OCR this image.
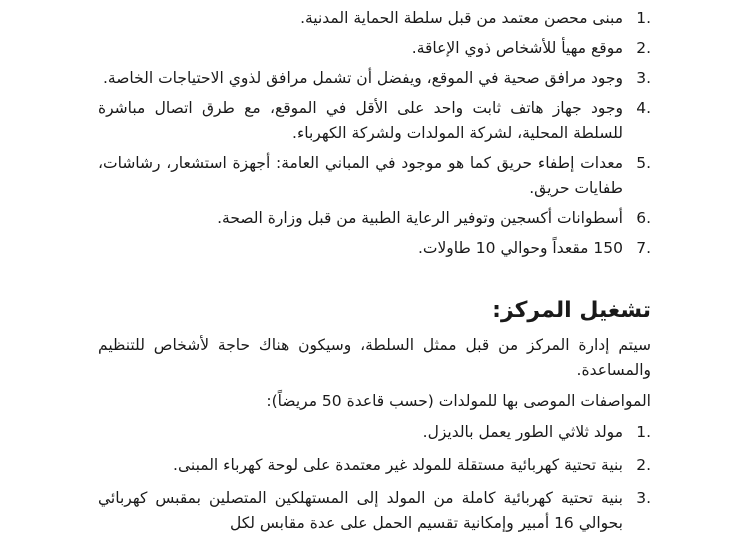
.1
مبنى محصن معتمد من قبل سلطة الحماية المدنية.
.2
موقع مهيأ للأشخاص ذوي الإعاقة.
.3
وجود مرافق صحية في الموقع، ويفضل أن تشمل مرافق لذوي الاحتياجات الخاصة.
.4
وجود جهاز هاتف ثابت واحد على الأقل في الموقع، مع طرق اتصال مباشرة للسلطة المحلية، لشركة المولدات ولشركة الكهرباء.
.5
معدات إطفاء حريق كما هو موجود في المباني العامة: أجهزة استشعار، رشاشات، طفايات حريق.
.6
أسطوانات أكسجين وتوفير الرعاية الطبية من قبل وزارة الصحة.
.7
150 مقعداً وحوالي 10 طاولات.
تشغيل المركز:

سيتم إدارة المركز من قبل ممثل السلطة، وسيكون هناك حاجة لأشخاص للتنظيم والمساعدة.

المواصفات الموصى بها للمولدات (حسب قاعدة 50 مريضاً):

.1
مولد ثلاثي الطور يعمل بالديزل.
.2
بنية تحتية كهربائية مستقلة للمولد غير معتمدة على لوحة كهرباء المبنى.
.3
بنية تحتية كهربائية كاملة من المولد إلى المستهلكين المتصلين بمقبس كهربائي بحوالي 16 أمبير وإمكانية تقسيم الحمل على عدة مقابس لكل
